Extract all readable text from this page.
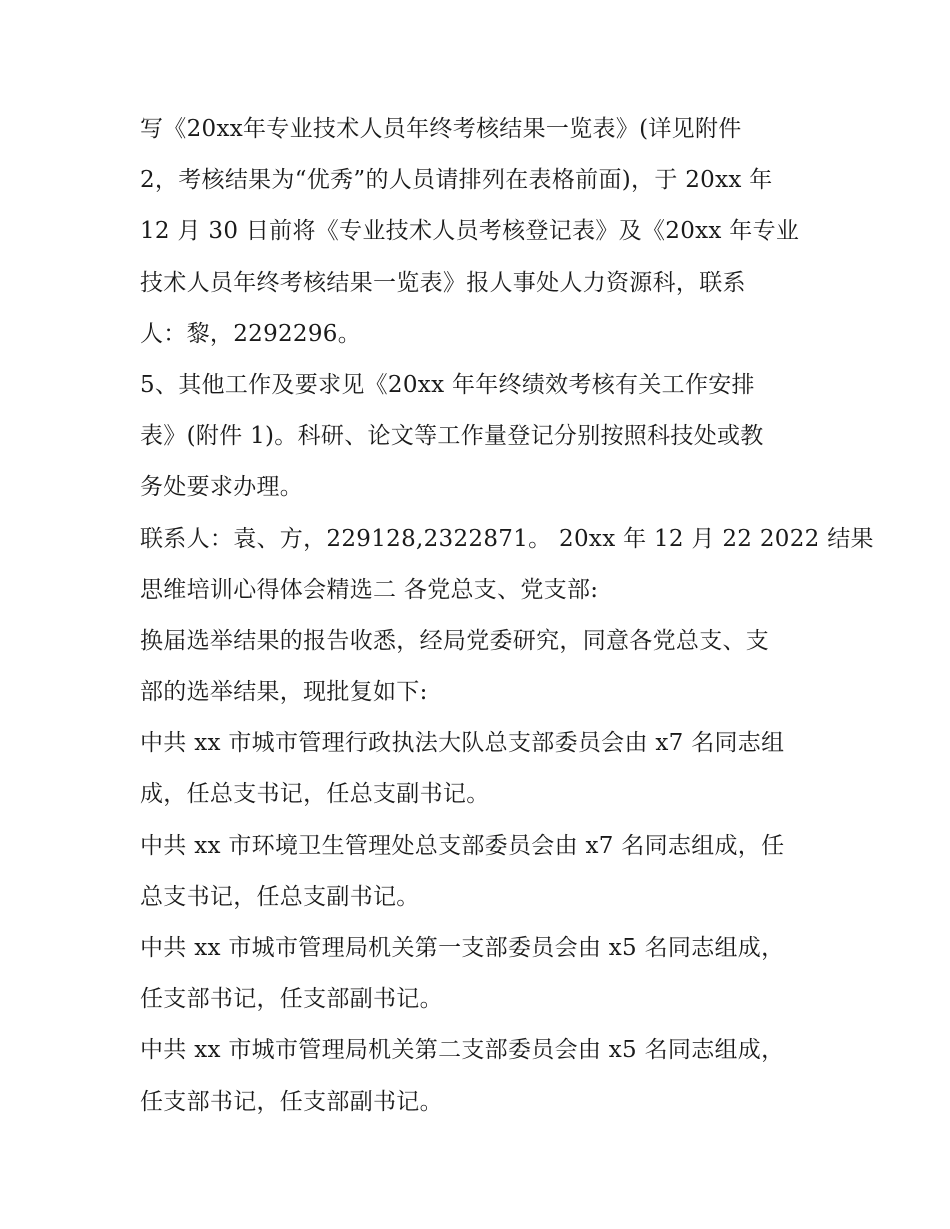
写《20xx年专业技术人员年终考核结果一览表》(详见附件
2，考核结果为“优秀”的人员请排列在表格前面)，于 20xx 年
12 月 30 日前将《专业技术人员考核登记表》及《20xx 年专业
技术人员年终考核结果一览表》报人事处人力资源科，联系
人：黎，2292296。
5、其他工作及要求见《20xx 年年终绩效考核有关工作安排
表》(附件 1)。科研、论文等工作量登记分别按照科技处或教
务处要求办理。
联系人：袁、方，229128,2322871。 20xx 年 12 月 22 2022 结果
思维培训心得体会精选二 各党总支、党支部:
换届选举结果的报告收悉，经局党委研究，同意各党总支、支
部的选举结果，现批复如下:
中共 xx 市城市管理行政执法大队总支部委员会由 x7 名同志组
成，任总支书记，任总支副书记。
中共 xx 市环境卫生管理处总支部委员会由 x7 名同志组成，任
总支书记，任总支副书记。
中共 xx 市城市管理局机关第一支部委员会由 x5 名同志组成，
任支部书记，任支部副书记。
中共 xx 市城市管理局机关第二支部委员会由 x5 名同志组成，
任支部书记，任支部副书记。
